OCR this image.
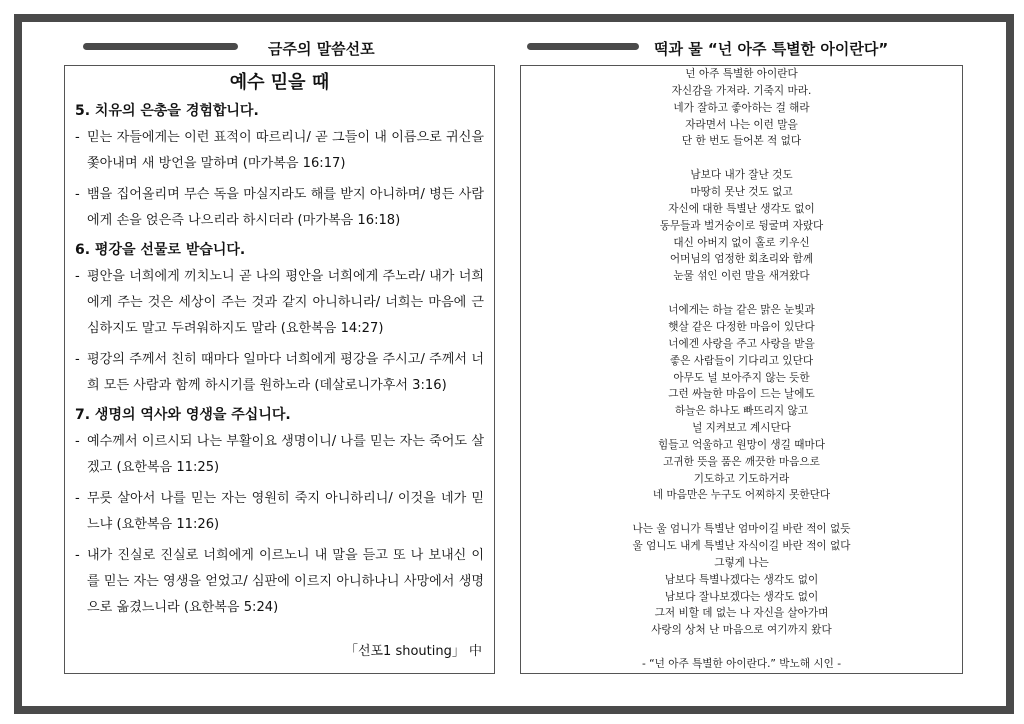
금주의 말씀선포	떡과 물 “넌 아주 특별한 아이란다”
예수 믿을 때
5. 치유의 은총을 경험합니다.
- 믿는 자들에게는 이런 표적이 따르리니/ 곧 그들이 내 이름으로 귀신을 쫓아내며 새 방언을 말하며 (마가복음 16:17)
- 뱀을 집어올리며 무슨 독을 마실지라도 해를 받지 아니하며/ 병든 사람에게 손을 얹은즉 나으리라 하시더라 (마가복음 16:18)
6. 평강을 선물로 받습니다.
- 평안을 너희에게 끼치노니 곧 나의 평안을 너희에게 주노라/ 내가 너희에게 주는 것은 세상이 주는 것과 같지 아니하니라/ 너희는 마음에 근심하지도 말고 두려워하지도 말라 (요한복음 14:27)
- 평강의 주께서 친히 때마다 일마다 너희에게 평강을 주시고/ 주께서 너희 모든 사람과 함께 하시기를 원하노라 (데살로니가후서 3:16)
7. 생명의 역사와 영생을 주십니다.
- 예수께서 이르시되 나는 부활이요 생명이니/ 나를 믿는 자는 죽어도 살겠고 (요한복음 11:25)
- 무릇 살아서 나를 믿는 자는 영원히 죽지 아니하리니/ 이것을 네가 믿느냐 (요한복음 11:26)
- 내가 진실로 진실로 너희에게 이르노니 내 말을 듣고 또 나 보내신 이를 믿는 자는 영생을 얻었고/ 심판에 이르지 아니하나니 사망에서 생명으로 옮겼느니라 (요한복음 5:24)
「선포1 shouting」 中
넌 아주 특별한 아이란다
자신감을 가져라. 기죽지 마라.
네가 잘하고 좋아하는 걸 해라
자라면서 나는 이런 말을
단 한 번도 들어본 적 없다
남보다 내가 잘난 것도
마땅히 못난 것도 없고
자신에 대한 특별난 생각도 없이
동무들과 벌거숭이로 뒹굴며 자랐다
대신 아버지 없이 홀로 키우신
어머님의 엄정한 회초리와 함께
눈물 섞인 이런 말을 새겨왔다
너에게는 하늘 같은 맑은 눈빛과
햇살 같은 다정한 마음이 있단다
너에겐 사랑을 주고 사랑을 받을
좋은 사람들이 기다리고 있단다
아무도 널 보아주지 않는 듯한
그런 싸늘한 마음이 드는 날에도
하늘은 하나도 빠뜨리지 않고
널 지켜보고 계시단다
힘들고 억울하고 원망이 생길 때마다
고귀한 뜻을 품은 깨끗한 마음으로
기도하고 기도하거라
네 마음만은 누구도 어찌하지 못한단다
나는 울 엄니가 특별난 엄마이길 바란 적이 없듯
울 엄니도 내게 특별난 자식이길 바란 적이 없다
그렇게 나는
남보다 특별나겠다는 생각도 없이
남보다 잘나보겠다는 생각도 없이
그저 비할 데 없는 나 자신을 살아가며
사랑의 상처 난 마음으로 여기까지 왔다
- “넌 아주 특별한 아이란다.” 박노해 시인 -
